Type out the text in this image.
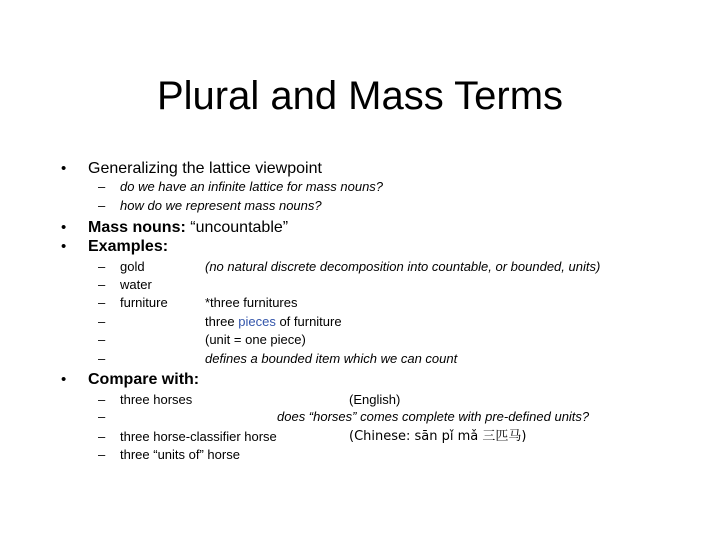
Plural and Mass Terms
• Generalizing the lattice viewpoint
– do we have an infinite lattice for mass nouns?
– how do we represent mass nouns?
• Mass nouns: “uncountable”
• Examples:
– gold	(no natural discrete decomposition into countable, or bounded, units)
– water
– furniture	*three furnitures
–	three pieces of furniture
–	(unit = one piece)
–	defines a bounded item which we can count
• Compare with:
– three horses	(English)
–	does “horses” comes complete with pre-defined units?
– three horse-classifier horse	(Chinese: sān pǐ mǎ 三匹马)
– three “units of” horse
